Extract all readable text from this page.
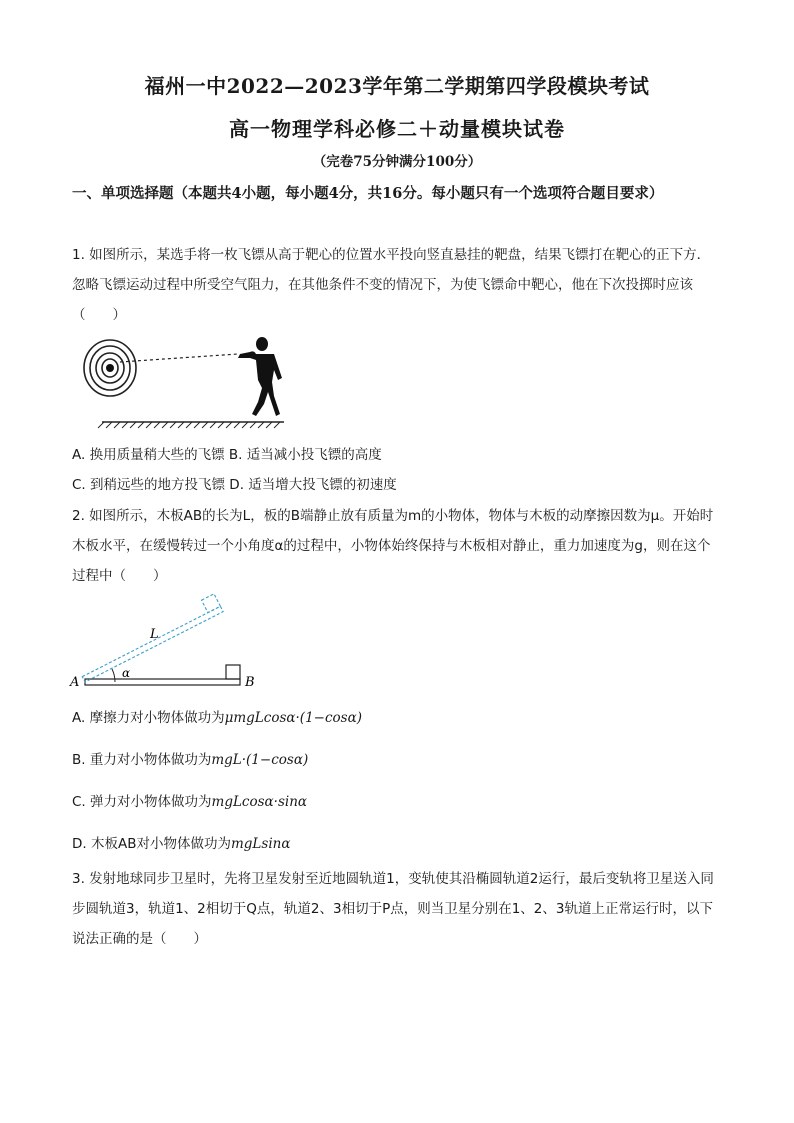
福州一中2022—2023学年第二学期第四学段模块考试
高一物理学科必修二＋动量模块试卷
（完卷75分钟满分100分）
一、单项选择题（本题共4小题，每小题4分，共16分。每小题只有一个选项符合题目要求）
1. 如图所示，某选手将一枚飞镖从高于靶心的位置水平投向竖直悬挂的靶盘，结果飞镖打在靶心的正下方．忽略飞镖运动过程中所受空气阻力，在其他条件不变的情况下，为使飞镖命中靶心，他在下次投掷时应该（　　）
A. 换用质量稍大些的飞镖 B. 适当减小投飞镖的高度
C. 到稍远些的地方投飞镖 D. 适当增大投飞镖的初速度
2. 如图所示，木板AB的长为L，板的B端静止放有质量为m的小物体，物体与木板的动摩擦因数为μ。开始时木板水平，在缓慢转过一个小角度α的过程中，小物体始终保持与木板相对静止，重力加速度为g，则在这个过程中（　　）
A	B
L
α
A. 摩擦力对小物体做功为μmgLcosα·(1−cosα)
B. 重力对小物体做功为mgL·(1−cosα)
C. 弹力对小物体做功为mgLcosα·sinα
D. 木板AB对小物体做功为mgLsinα
3. 发射地球同步卫星时，先将卫星发射至近地圆轨道1，变轨使其沿椭圆轨道2运行，最后变轨将卫星送入同步圆轨道3，轨道1、2相切于Q点，轨道2、3相切于P点，则当卫星分别在1、2、3轨道上正常运行时，以下说法正确的是（　　）
